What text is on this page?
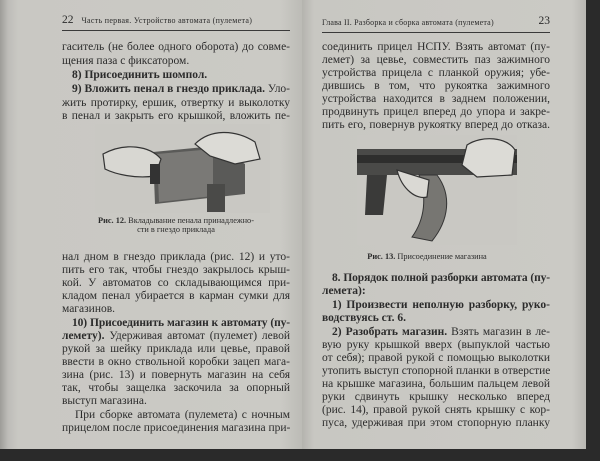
22 Часть первая. Устройство автомата (пулемета)
гаситель (не более одного оборота) до совме-
щения паза с фиксатором.
8) Присоединить шомпол.
9) Вложить пенал в гнездо приклада. Уло-
жить протирку, ершик, отвертку и выколотку
в пенал и закрыть его крышкой, вложить пе-
Рис. 12. Вкладывание пенала принадлежно-
сти в гнездо приклада
нал дном в гнездо приклада (рис. 12) и уто-
пить его так, чтобы гнездо закрылось крыш-
кой. У автоматов со складывающимся при-
кладом пенал убирается в карман сумки для
магазинов.
10) Присоединить магазин к автомату (пу-
лемету). Удерживая автомат (пулемет) левой
рукой за шейку приклада или цевье, правой
ввести в окно ствольной коробки зацеп мага-
зина (рис. 13) и повернуть магазин на себя
так, чтобы защелка заскочила за опорный
выступ магазина.
При сборке автомата (пулемета) с ночным
прицелом после присоединения магазина при-
Глава II. Разборка и сборка автомата (пулемета)	23
соединить прицел НСПУ. Взять автомат (пу-
лемет) за цевье, совместить паз зажимного
устройства прицела с планкой оружия; убе-
дившись в том, что рукоятка зажимного
устройства находится в заднем положении,
продвинуть прицел вперед до упора и закре-
пить его, повернув рукоятку вперед до отказа.
Рис. 13. Присоединение магазина
8. Порядок полной разборки автомата (пу-
лемета):
1) Произвести неполную разборку, руко-
водствуясь ст. 6.
2) Разобрать магазин. Взять магазин в ле-
вую руку крышкой вверх (выпуклой частью
от себя); правой рукой с помощью выколотки
утопить выступ стопорной планки в отверстие
на крышке магазина, большим пальцем левой
руки сдвинуть крышку несколько вперед
(рис. 14), правой рукой снять крышку с кор-
пуса, удерживая при этом стопорную планку
